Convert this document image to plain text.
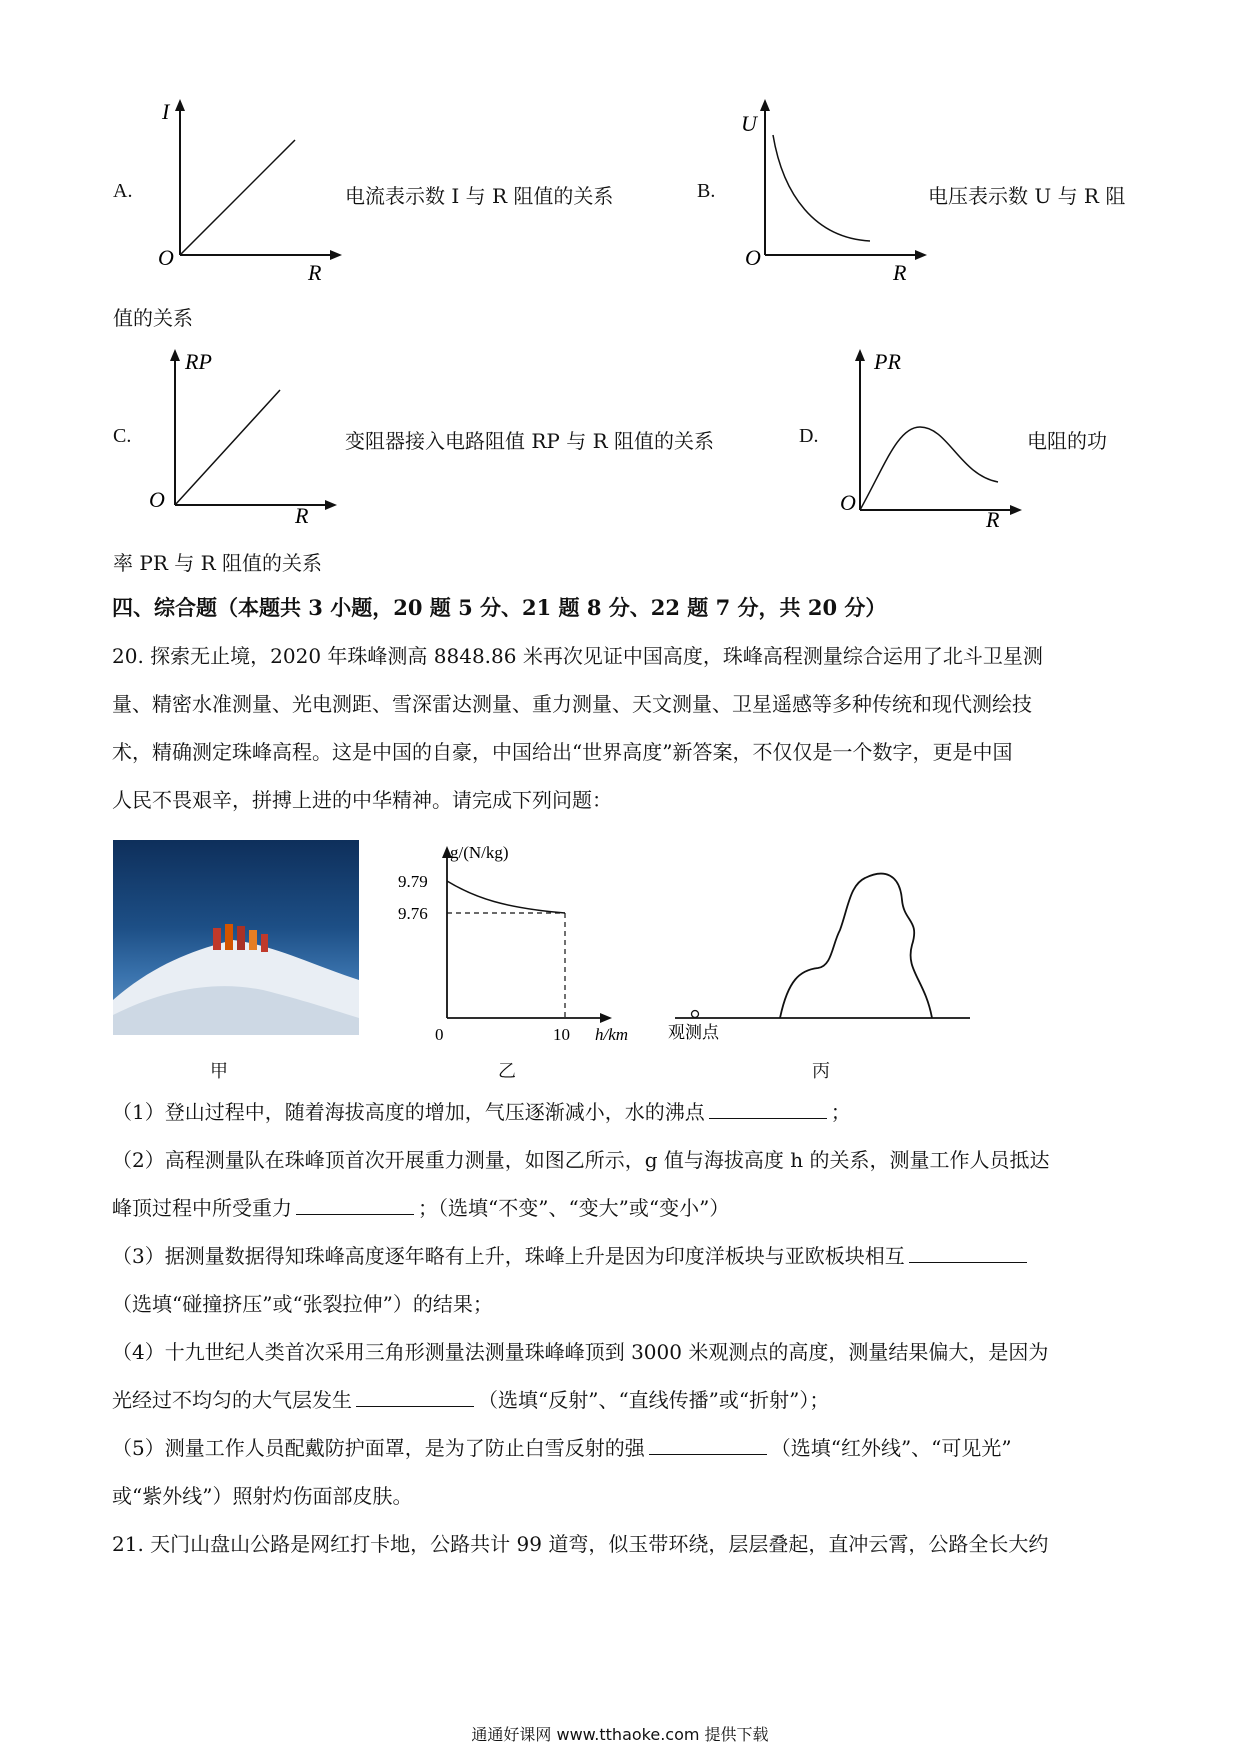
A.
I
O
R
电流表示数 I 与 R 阻值的关系	B.
U
O
R
电压表示数 U 与 R 阻
值的关系
C.
RP
O
R
变阻器接入电路阻值 RP 与 R 阻值的关系	D.
PR
O
R
电阻的功
率 PR 与 R 阻值的关系
四、综合题（本题共 3 小题，20 题 5 分、21 题 8 分、22 题 7 分，共 20 分）
20. 探索无止境，2020 年珠峰测高 8848.86 米再次见证中国高度，珠峰高程测量综合运用了北斗卫星测
量、精密水准测量、光电测距、雪深雷达测量、重力测量、天文测量、卫星遥感等多种传统和现代测绘技
术，精确测定珠峰高程。这是中国的自豪，中国给出“世界高度”新答案，不仅仅是一个数字，更是中国
人民不畏艰辛，拼搏上进的中华精神。请完成下列问题：
甲
g/(N/kg)
9.79
9.76
0	10 h/km
乙
观测点
丙
（1）登山过程中，随着海拔高度的增加，气压逐渐减小，水的沸点	；
（2）高程测量队在珠峰顶首次开展重力测量，如图乙所示，g 值与海拔高度 h 的关系，测量工作人员抵达
峰顶过程中所受重力	；（选填“不变”、“变大”或“变小”）
（3）据测量数据得知珠峰高度逐年略有上升，珠峰上升是因为印度洋板块与亚欧板块相互
（选填“碰撞挤压”或“张裂拉伸”）的结果；
（4）十九世纪人类首次采用三角形测量法测量珠峰峰顶到 3000 米观测点的高度，测量结果偏大，是因为
光经过不均匀的大气层发生	（选填“反射”、“直线传播”或“折射”）；
（5）测量工作人员配戴防护面罩，是为了防止白雪反射的强	（选填“红外线”、“可见光”
或“紫外线”）照射灼伤面部皮肤。
21. 天门山盘山公路是网红打卡地，公路共计 99 道弯，似玉带环绕，层层叠起，直冲云霄，公路全长大约
通通好课网 www.tthaoke.com 提供下载
